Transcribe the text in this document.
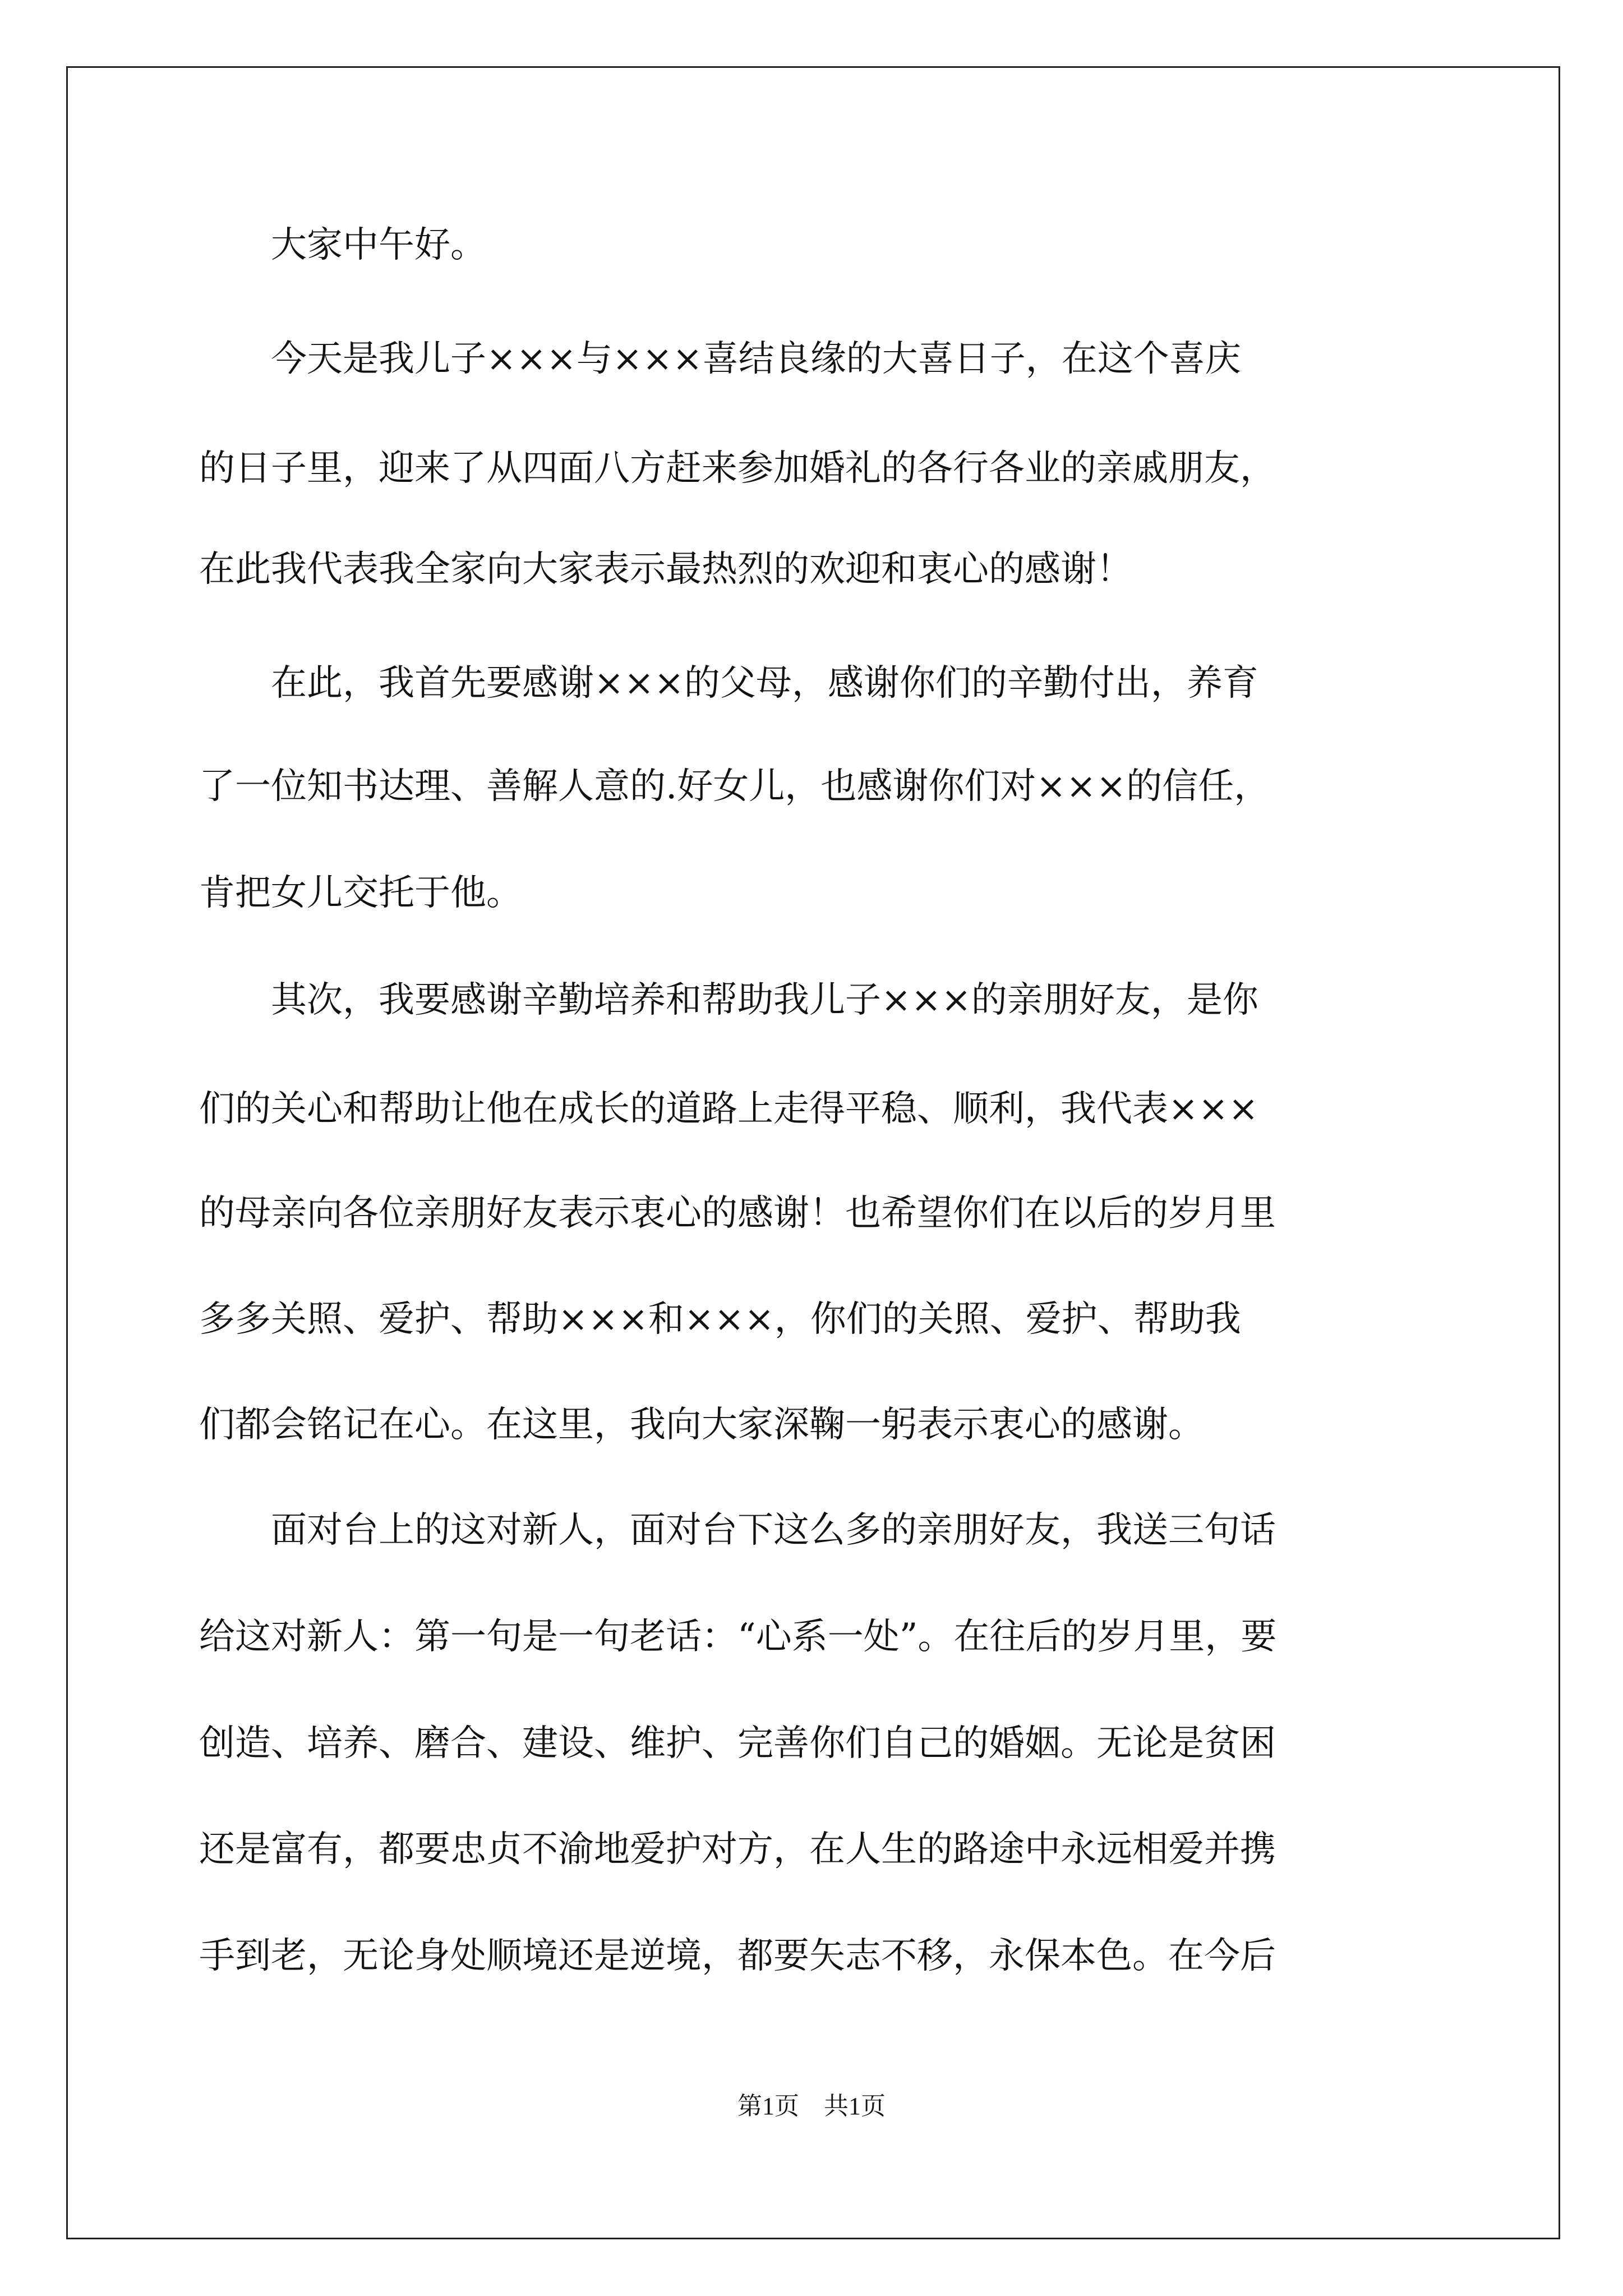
　　大家中午好。
　　今天是我儿子×××与×××喜结良缘的大喜日子，在这个喜庆
的日子里，迎来了从四面八方赶来参加婚礼的各行各业的亲戚朋友，
在此我代表我全家向大家表示最热烈的欢迎和衷心的感谢！
　　在此，我首先要感谢×××的父母，感谢你们的辛勤付出，养育
了一位知书达理、善解人意的.好女儿，也感谢你们对×××的信任，
肯把女儿交托于他。
　　其次，我要感谢辛勤培养和帮助我儿子×××的亲朋好友，是你
们的关心和帮助让他在成长的道路上走得平稳、顺利，我代表×××
的母亲向各位亲朋好友表示衷心的感谢！也希望你们在以后的岁月里
多多关照、爱护、帮助×××和×××，你们的关照、爱护、帮助我
们都会铭记在心。在这里，我向大家深鞠一躬表示衷心的感谢。
　　面对台上的这对新人，面对台下这么多的亲朋好友，我送三句话
给这对新人：第一句是一句老话：“心系一处”。在往后的岁月里，要
创造、培养、磨合、建设、维护、完善你们自己的婚姻。无论是贫困
还是富有，都要忠贞不渝地爱护对方，在人生的路途中永远相爱并携
手到老，无论身处顺境还是逆境，都要矢志不移，永保本色。在今后
第1页　共1页
